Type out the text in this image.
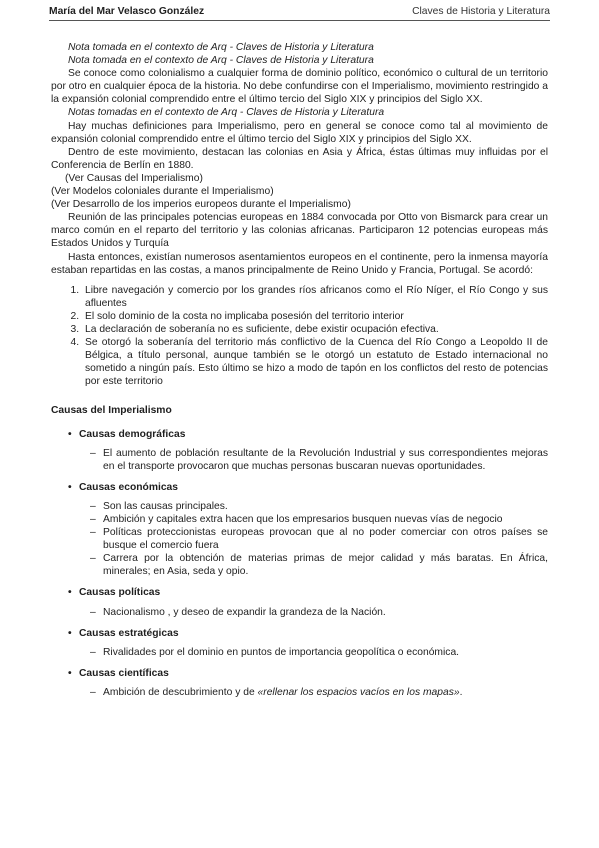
María del Mar Velasco González	Claves de Historia y Literatura

Nota tomada en el contexto de Arq - Claves de Historia y Literatura

Nota tomada en el contexto de Arq - Claves de Historia y Literatura

Se conoce como colonialismo a cualquier forma de dominio político, económico o cultural de un territorio por otro en cualquier época de la historia. No debe confundirse con el Imperialismo, movimiento restringido a la expansión colonial comprendido entre el último tercio del Siglo XIX y principios del Siglo XX.

Notas tomadas en el contexto de Arq - Claves de Historia y Literatura

Hay muchas definiciones para Imperialismo, pero en general se conoce como tal al movimiento de expansión colonial comprendido entre el último tercio del Siglo XIX y principios del Siglo XX.

Dentro de este movimiento, destacan las colonias en Asia y África, éstas últimas muy influidas por el Conferencia de Berlín en 1880.

(Ver Causas del Imperialismo)

(Ver Modelos coloniales durante el Imperialismo)

(Ver Desarrollo de los imperios europeos durante el Imperialismo)

Reunión de las principales potencias europeas en 1884 convocada por Otto von Bismarck para crear un marco común en el reparto del territorio y las colonias africanas. Participaron 12 potencias europeas más Estados Unidos y Turquía

Hasta entonces, existían numerosos asentamientos europeos en el continente, pero la inmensa mayoría estaban repartidas en las costas, a manos principalmente de Reino Unido y Francia, Portugal. Se acordó:

1. Libre navegación y comercio por los grandes ríos africanos como el Río Níger, el Río Congo y sus afluentes
2. El solo dominio de la costa no implicaba posesión del territorio interior
3. La declaración de soberanía no es suficiente, debe existir ocupación efectiva.
4. Se otorgó la soberanía del territorio más conflictivo de la Cuenca del Río Congo a Leopoldo II de Bélgica, a título personal, aunque también se le otorgó un estatuto de Estado internacional no sometido a ningún país. Esto último se hizo a modo de tapón en los conflictos del resto de potencias por este territorio
Causas del Imperialismo
• Causas demográficas
– El aumento de población resultante de la Revolución Industrial y sus correspondientes mejoras en el transporte provocaron que muchas personas buscaran nuevas oportunidades.
• Causas económicas
– Son las causas principales.
– Ambición y capitales extra hacen que los empresarios busquen nuevas vías de negocio
– Políticas proteccionistas europeas provocan que al no poder comerciar con otros países se busque el comercio fuera
– Carrera por la obtención de materias primas de mejor calidad y más baratas. En África, minerales; en Asia, seda y opio.
• Causas políticas
– Nacionalismo , y deseo de expandir la grandeza de la Nación.
• Causas estratégicas
– Rivalidades por el dominio en puntos de importancia geopolítica o económica.
• Causas científicas
– Ambición de descubrimiento y de «rellenar los espacios vacíos en los mapas».
